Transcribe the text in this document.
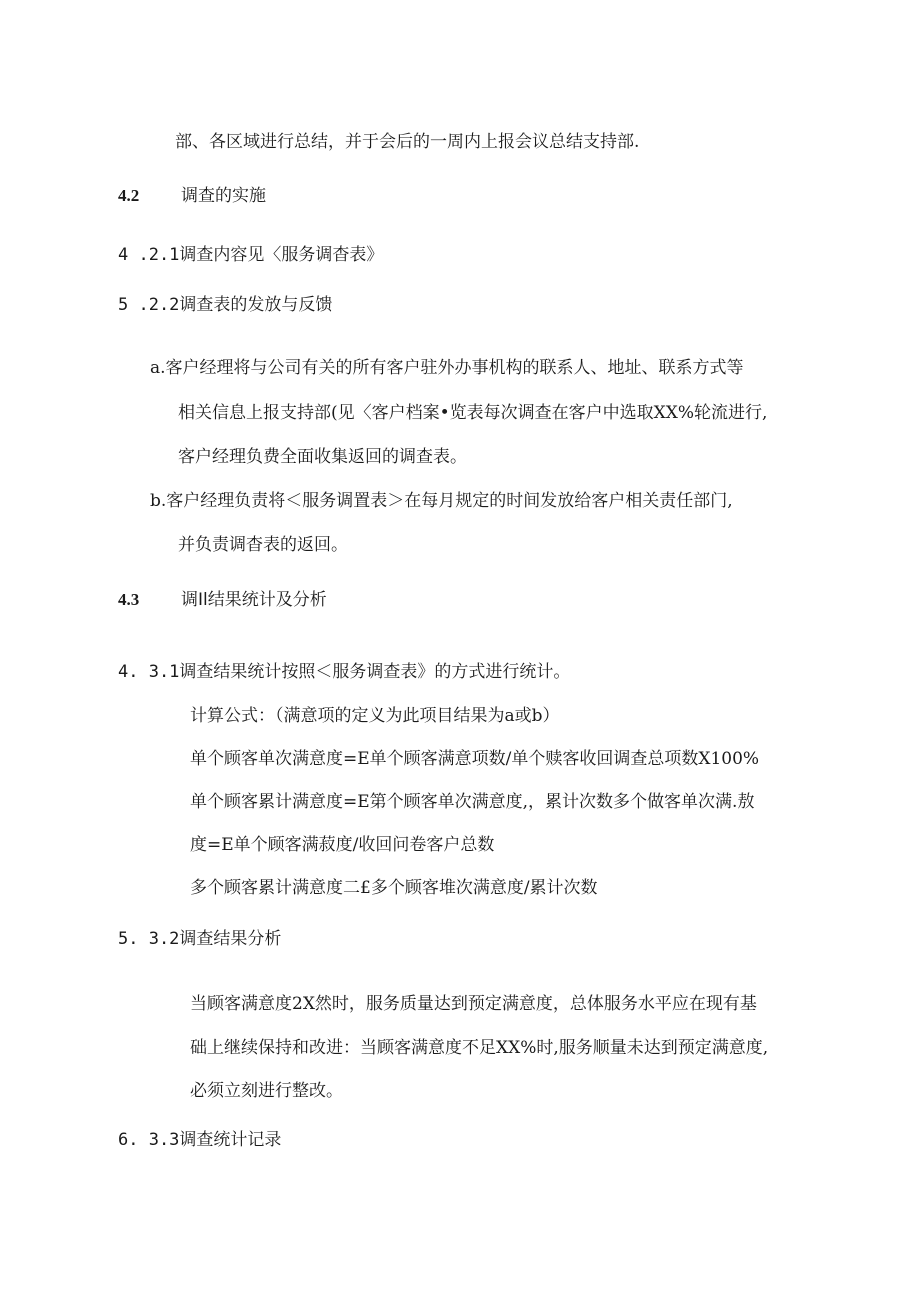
部、各区域进行总结，并于会后的一周内上报会议总结支持部.
4.2 调查的实施
4 .2.1调查内容见〈服务调杳表》
5 .2.2调查表的发放与反馈
a.客户经理将与公司有关的所有客户驻外办事机构的联系人、地址、联系方式等
相关信息上报支持部(见〈客户档案•览表每次调查在客户中选取XX%轮流进行,
客户经理负费全面收集返回的调查表。
b.客户经理负责将＜服务调置表＞在每月规定的时间发放给客户相关责任部门,
并负责调杳表的返回。
4.3 调Il结果统计及分析
4. 3.1调查结果统计按照＜服务调查表》的方式进行统计。
计算公式：（满意项的定义为此项目结果为a或b）
单个顾客单次满意度=E单个顾客满意项数/单个赎客收回调查总项数X100%
单个顾客累计满意度=E第个顾客单次满意度,，累计次数多个做客单次满.敖
度=E单个顾客满菽度/收回问卷客户总数
多个顾客累计满意度二£多个顾客堆次满意度/累计次数
5. 3.2调查结果分析
当顾客满意度2X然时，服务质量达到预定满意度，总体服务水平应在现有基
础上继续保持和改进：当顾客满意度不足XX%时,服务顺量未达到预定满意度,
必须立刻进行整改。
6. 3.3调查统计记录
